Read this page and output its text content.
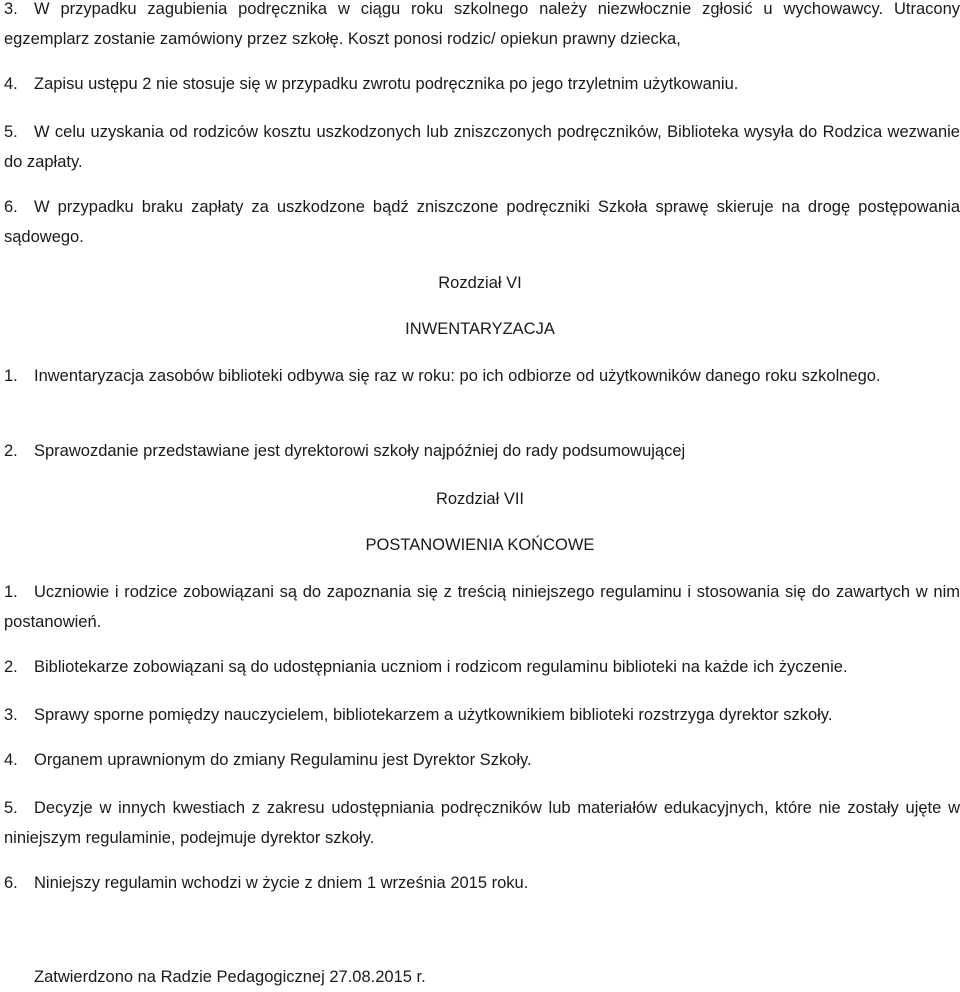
3. W przypadku zagubienia podręcznika w ciągu roku szkolnego należy niezwłocznie zgłosić u wychowawcy. Utracony egzemplarz zostanie zamówiony przez szkołę. Koszt ponosi rodzic/ opiekun prawny dziecka,
4. Zapisu ustępu 2 nie stosuje się w przypadku zwrotu podręcznika po jego trzyletnim użytkowaniu.
5. W celu uzyskania od rodziców kosztu uszkodzonych lub zniszczonych podręczników, Biblioteka wysyła do Rodzica wezwanie do zapłaty.
6. W przypadku braku zapłaty za uszkodzone bądź zniszczone podręczniki Szkoła sprawę skieruje na drogę postępowania sądowego.
Rozdział VI
INWENTARYZACJA
1. Inwentaryzacja zasobów biblioteki odbywa się raz w roku: po ich odbiorze od użytkowników danego roku szkolnego.
2. Sprawozdanie przedstawiane jest dyrektorowi szkoły najpóźniej do rady podsumowującej
Rozdział VII
POSTANOWIENIA KOŃCOWE
1. Uczniowie i rodzice zobowiązani są do zapoznania się z treścią niniejszego regulaminu i stosowania się do zawartych w nim postanowień.
2. Bibliotekarze zobowiązani są do udostępniania uczniom i rodzicom regulaminu biblioteki na każde ich życzenie.
3. Sprawy sporne pomiędzy nauczycielem, bibliotekarzem a użytkownikiem biblioteki rozstrzyga dyrektor szkoły.
4. Organem uprawnionym do zmiany Regulaminu jest Dyrektor Szkoły.
5. Decyzje w innych kwestiach z zakresu udostępniania podręczników lub materiałów edukacyjnych, które nie zostały ujęte w niniejszym regulaminie, podejmuje dyrektor szkoły.
6. Niniejszy regulamin wchodzi w życie z dniem 1 września 2015 roku.
Zatwierdzono na Radzie Pedagogicznej 27.08.2015 r.
